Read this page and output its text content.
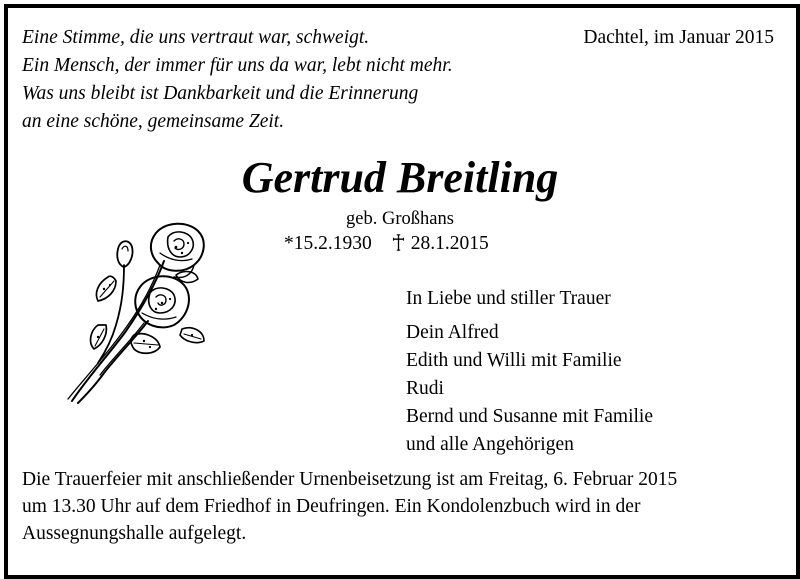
Eine Stimme, die uns vertraut war, schweigt.
Ein Mensch, der immer für uns da war, lebt nicht mehr.
Was uns bleibt ist Dankbarkeit und die Erinnerung
an eine schöne, gemeinsame Zeit.
Dachtel, im Januar 2015
Gertrud Breitling
geb. Großhans
*15.2.1930 28.1.2015
In Liebe und stiller Trauer
Dein Alfred
Edith und Willi mit Familie
Rudi
Bernd und Susanne mit Familie
und alle Angehörigen
Die Trauerfeier mit anschließender Urnenbeisetzung ist am Freitag, 6. Februar 2015
um 13.30 Uhr auf dem Friedhof in Deufringen. Ein Kondolenzbuch wird in der
Aussegnungshalle aufgelegt.
